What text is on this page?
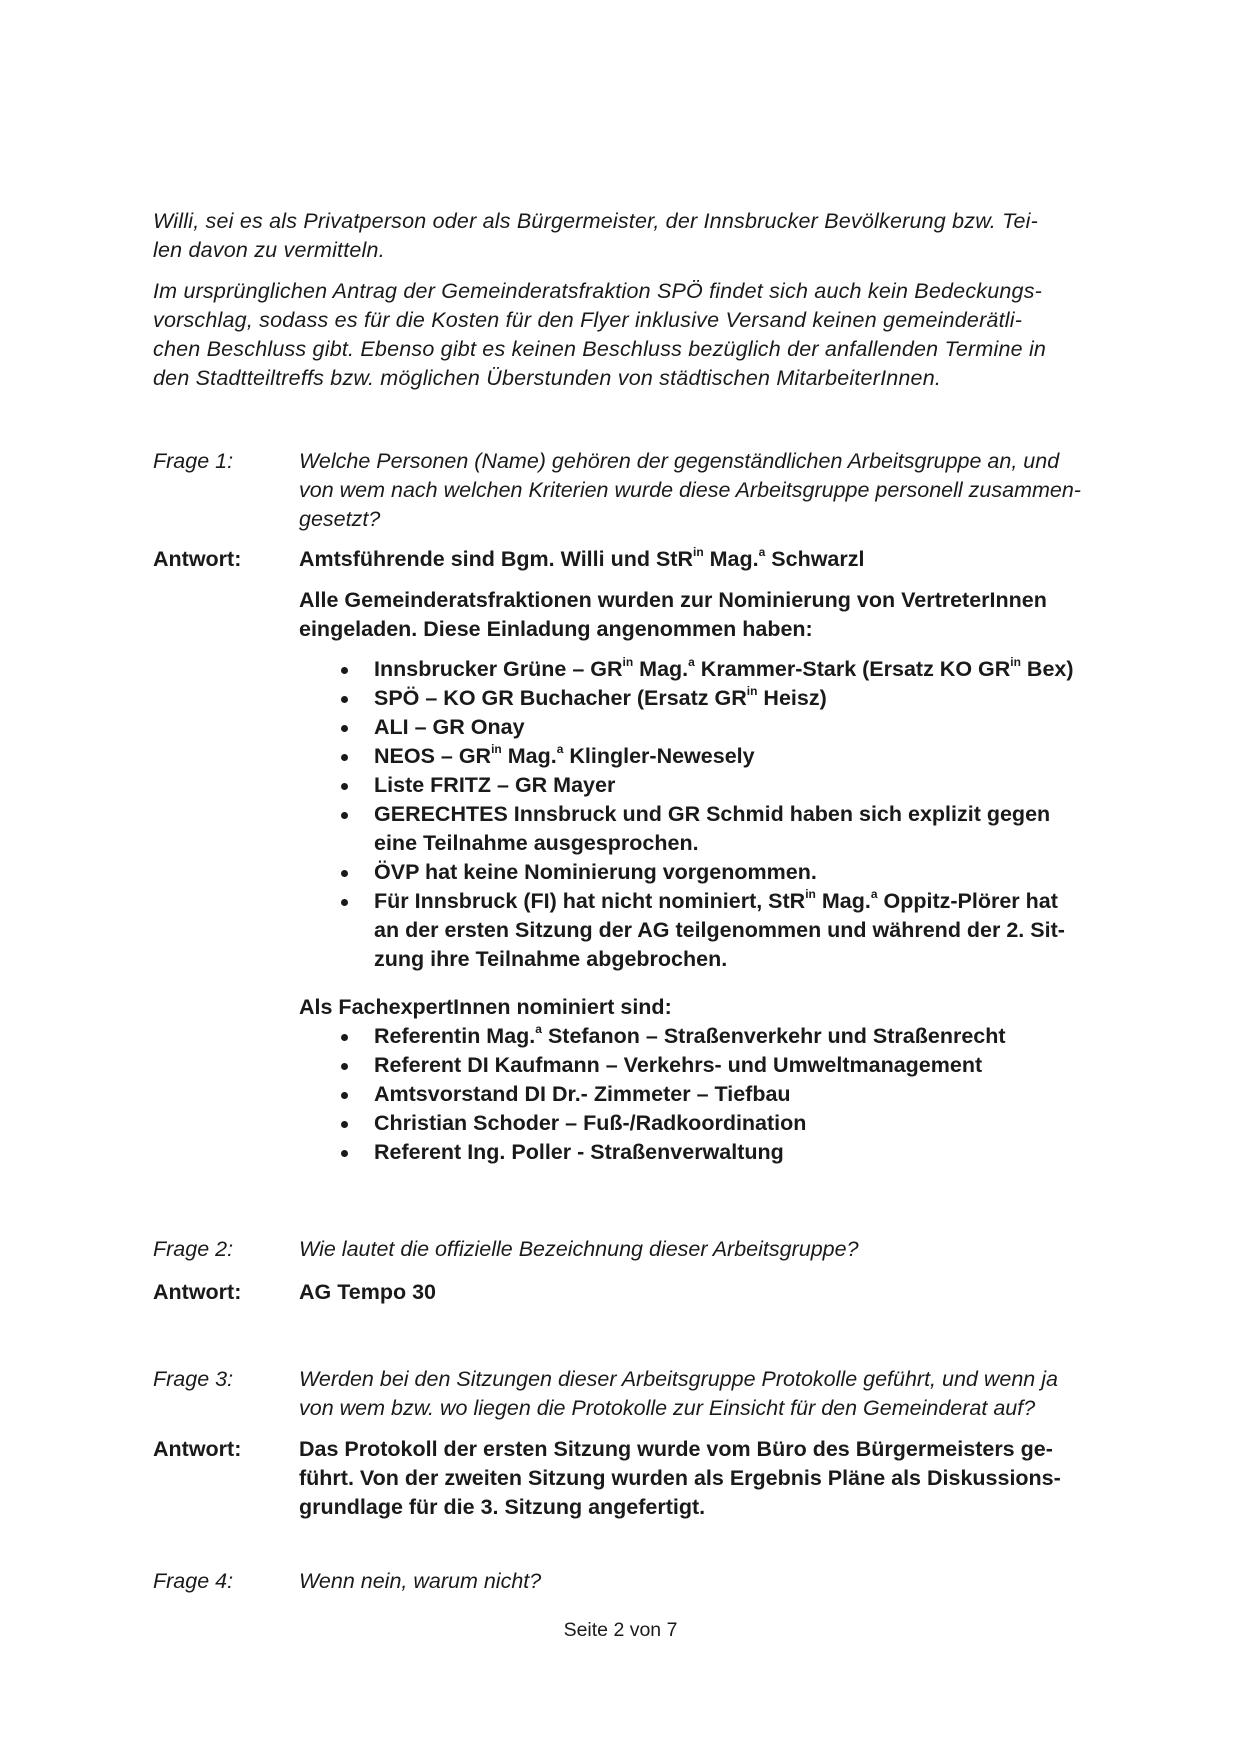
Willi, sei es als Privatperson oder als Bürgermeister, der Innsbrucker Bevölkerung bzw. Tei-
len davon zu vermitteln.
Im ursprünglichen Antrag der Gemeinderatsfraktion SPÖ findet sich auch kein Bedeckungs-
vorschlag, sodass es für die Kosten für den Flyer inklusive Versand keinen gemeinderätli-
chen Beschluss gibt. Ebenso gibt es keinen Beschluss bezüglich der anfallenden Termine in
den Stadtteiltreffs bzw. möglichen Überstunden von städtischen MitarbeiterInnen.
Frage 1:	Welche Personen (Name) gehören der gegenständlichen Arbeitsgruppe an, und
von wem nach welchen Kriterien wurde diese Arbeitsgruppe personell zusammen-
gesetzt?
Antwort:	Amtsführende sind Bgm. Willi und StR$^{in}$ Mag.$^a$ Schwarzl
Alle Gemeinderatsfraktionen wurden zur Nominierung von VertreterInnen
eingeladen. Diese Einladung angenommen haben:
Innsbrucker Grüne – $GR^{in}$ Mag.$^a$ Krammer-Stark (Ersatz KO $GR^{in}$ Bex)
SPÖ – KO GR Buchacher (Ersatz $GR^{in}$ Heisz)
ALI – GR Onay
NEOS – $GR^{in}$ Mag.$^a$ Klingler-Newesely
Liste FRITZ – GR Mayer
GERECHTES Innsbruck und GR Schmid haben sich explizit gegen
eine Teilnahme ausgesprochen.
ÖVP hat keine Nominierung vorgenommen.
Für Innsbruck (FI) hat nicht nominiert, StR$^{in}$ Mag.$^a$ Oppitz-Plörer hat
an der ersten Sitzung der AG teilgenommen und während der 2. Sit-
zung ihre Teilnahme abgebrochen.
Als FachexpertInnen nominiert sind:
Referentin Mag.$^a$ Stefanon – Straßenverkehr und Straßenrecht
Referent DI Kaufmann – Verkehrs- und Umweltmanagement
Amtsvorstand DI Dr.- Zimmeter – Tiefbau
Christian Schoder – Fuß-/Radkoordination
Referent Ing. Poller - Straßenverwaltung
Frage 2:	Wie lautet die offizielle Bezeichnung dieser Arbeitsgruppe?
Antwort:	AG Tempo 30
Frage 3:	Werden bei den Sitzungen dieser Arbeitsgruppe Protokolle geführt, und wenn ja
von wem bzw. wo liegen die Protokolle zur Einsicht für den Gemeinderat auf?
Antwort:	Das Protokoll der ersten Sitzung wurde vom Büro des Bürgermeisters ge-
führt. Von der zweiten Sitzung wurden als Ergebnis Pläne als Diskussions-
grundlage für die 3. Sitzung angefertigt.
Frage 4:	Wenn nein, warum nicht?
Seite 2 von 7
